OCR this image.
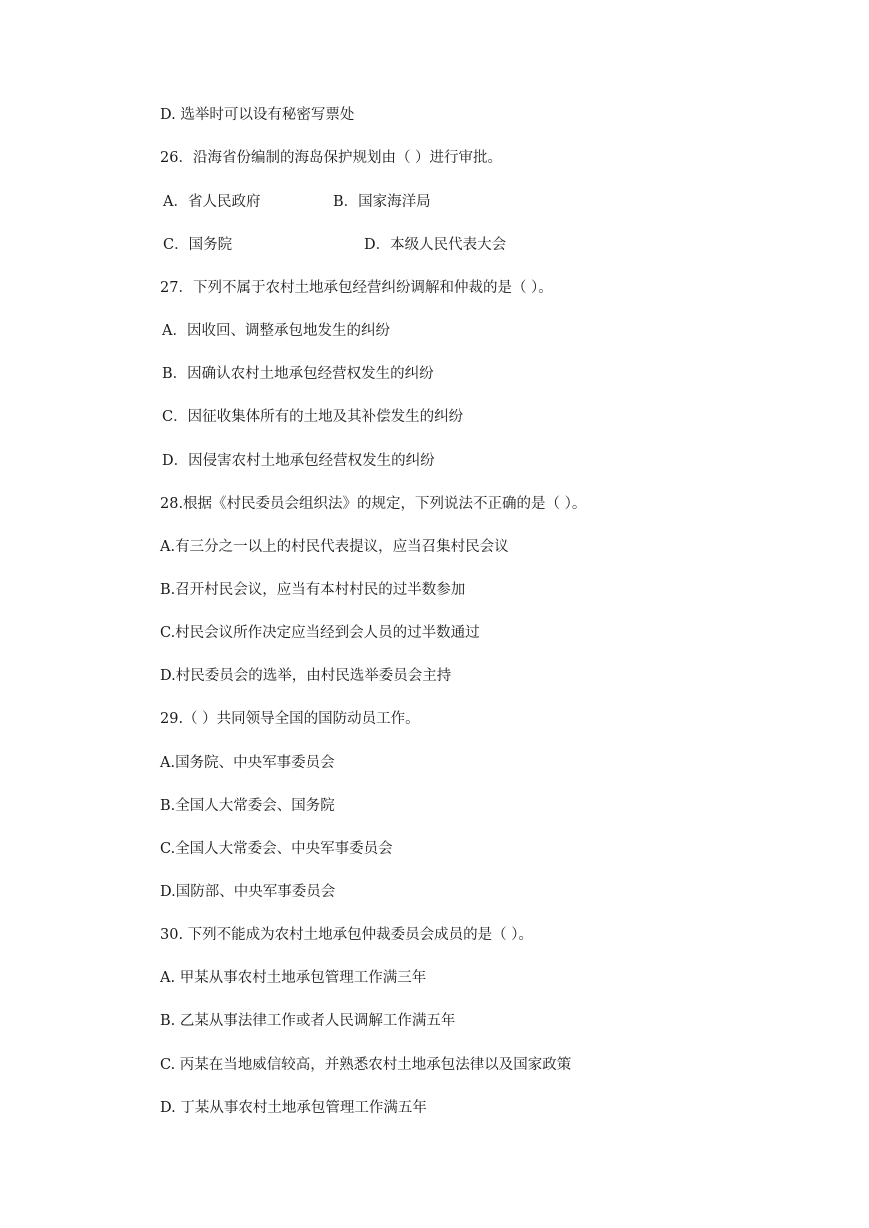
D. 选举时可以设有秘密写票处
26．沿海省份编制的海岛保护规划由（ ）进行审批。
A．省人民政府	B．国家海洋局
C．国务院	D．本级人民代表大会
27．下列不属于农村土地承包经营纠纷调解和仲裁的是（ ）。
A．因收回、调整承包地发生的纠纷
B．因确认农村土地承包经营权发生的纠纷
C．因征收集体所有的土地及其补偿发生的纠纷
D．因侵害农村土地承包经营权发生的纠纷
28.根据《村民委员会组织法》的规定，下列说法不正确的是（ ）。
A.有三分之一以上的村民代表提议，应当召集村民会议
B.召开村民会议，应当有本村村民的过半数参加
C.村民会议所作决定应当经到会人员的过半数通过
D.村民委员会的选举，由村民选举委员会主持
29.（ ）共同领导全国的国防动员工作。
A.国务院、中央军事委员会
B.全国人大常委会、国务院
C.全国人大常委会、中央军事委员会
D.国防部、中央军事委员会
30. 下列不能成为农村土地承包仲裁委员会成员的是（ ）。
A. 甲某从事农村土地承包管理工作满三年
B. 乙某从事法律工作或者人民调解工作满五年
C. 丙某在当地威信较高，并熟悉农村土地承包法律以及国家政策
D. 丁某从事农村土地承包管理工作满五年
